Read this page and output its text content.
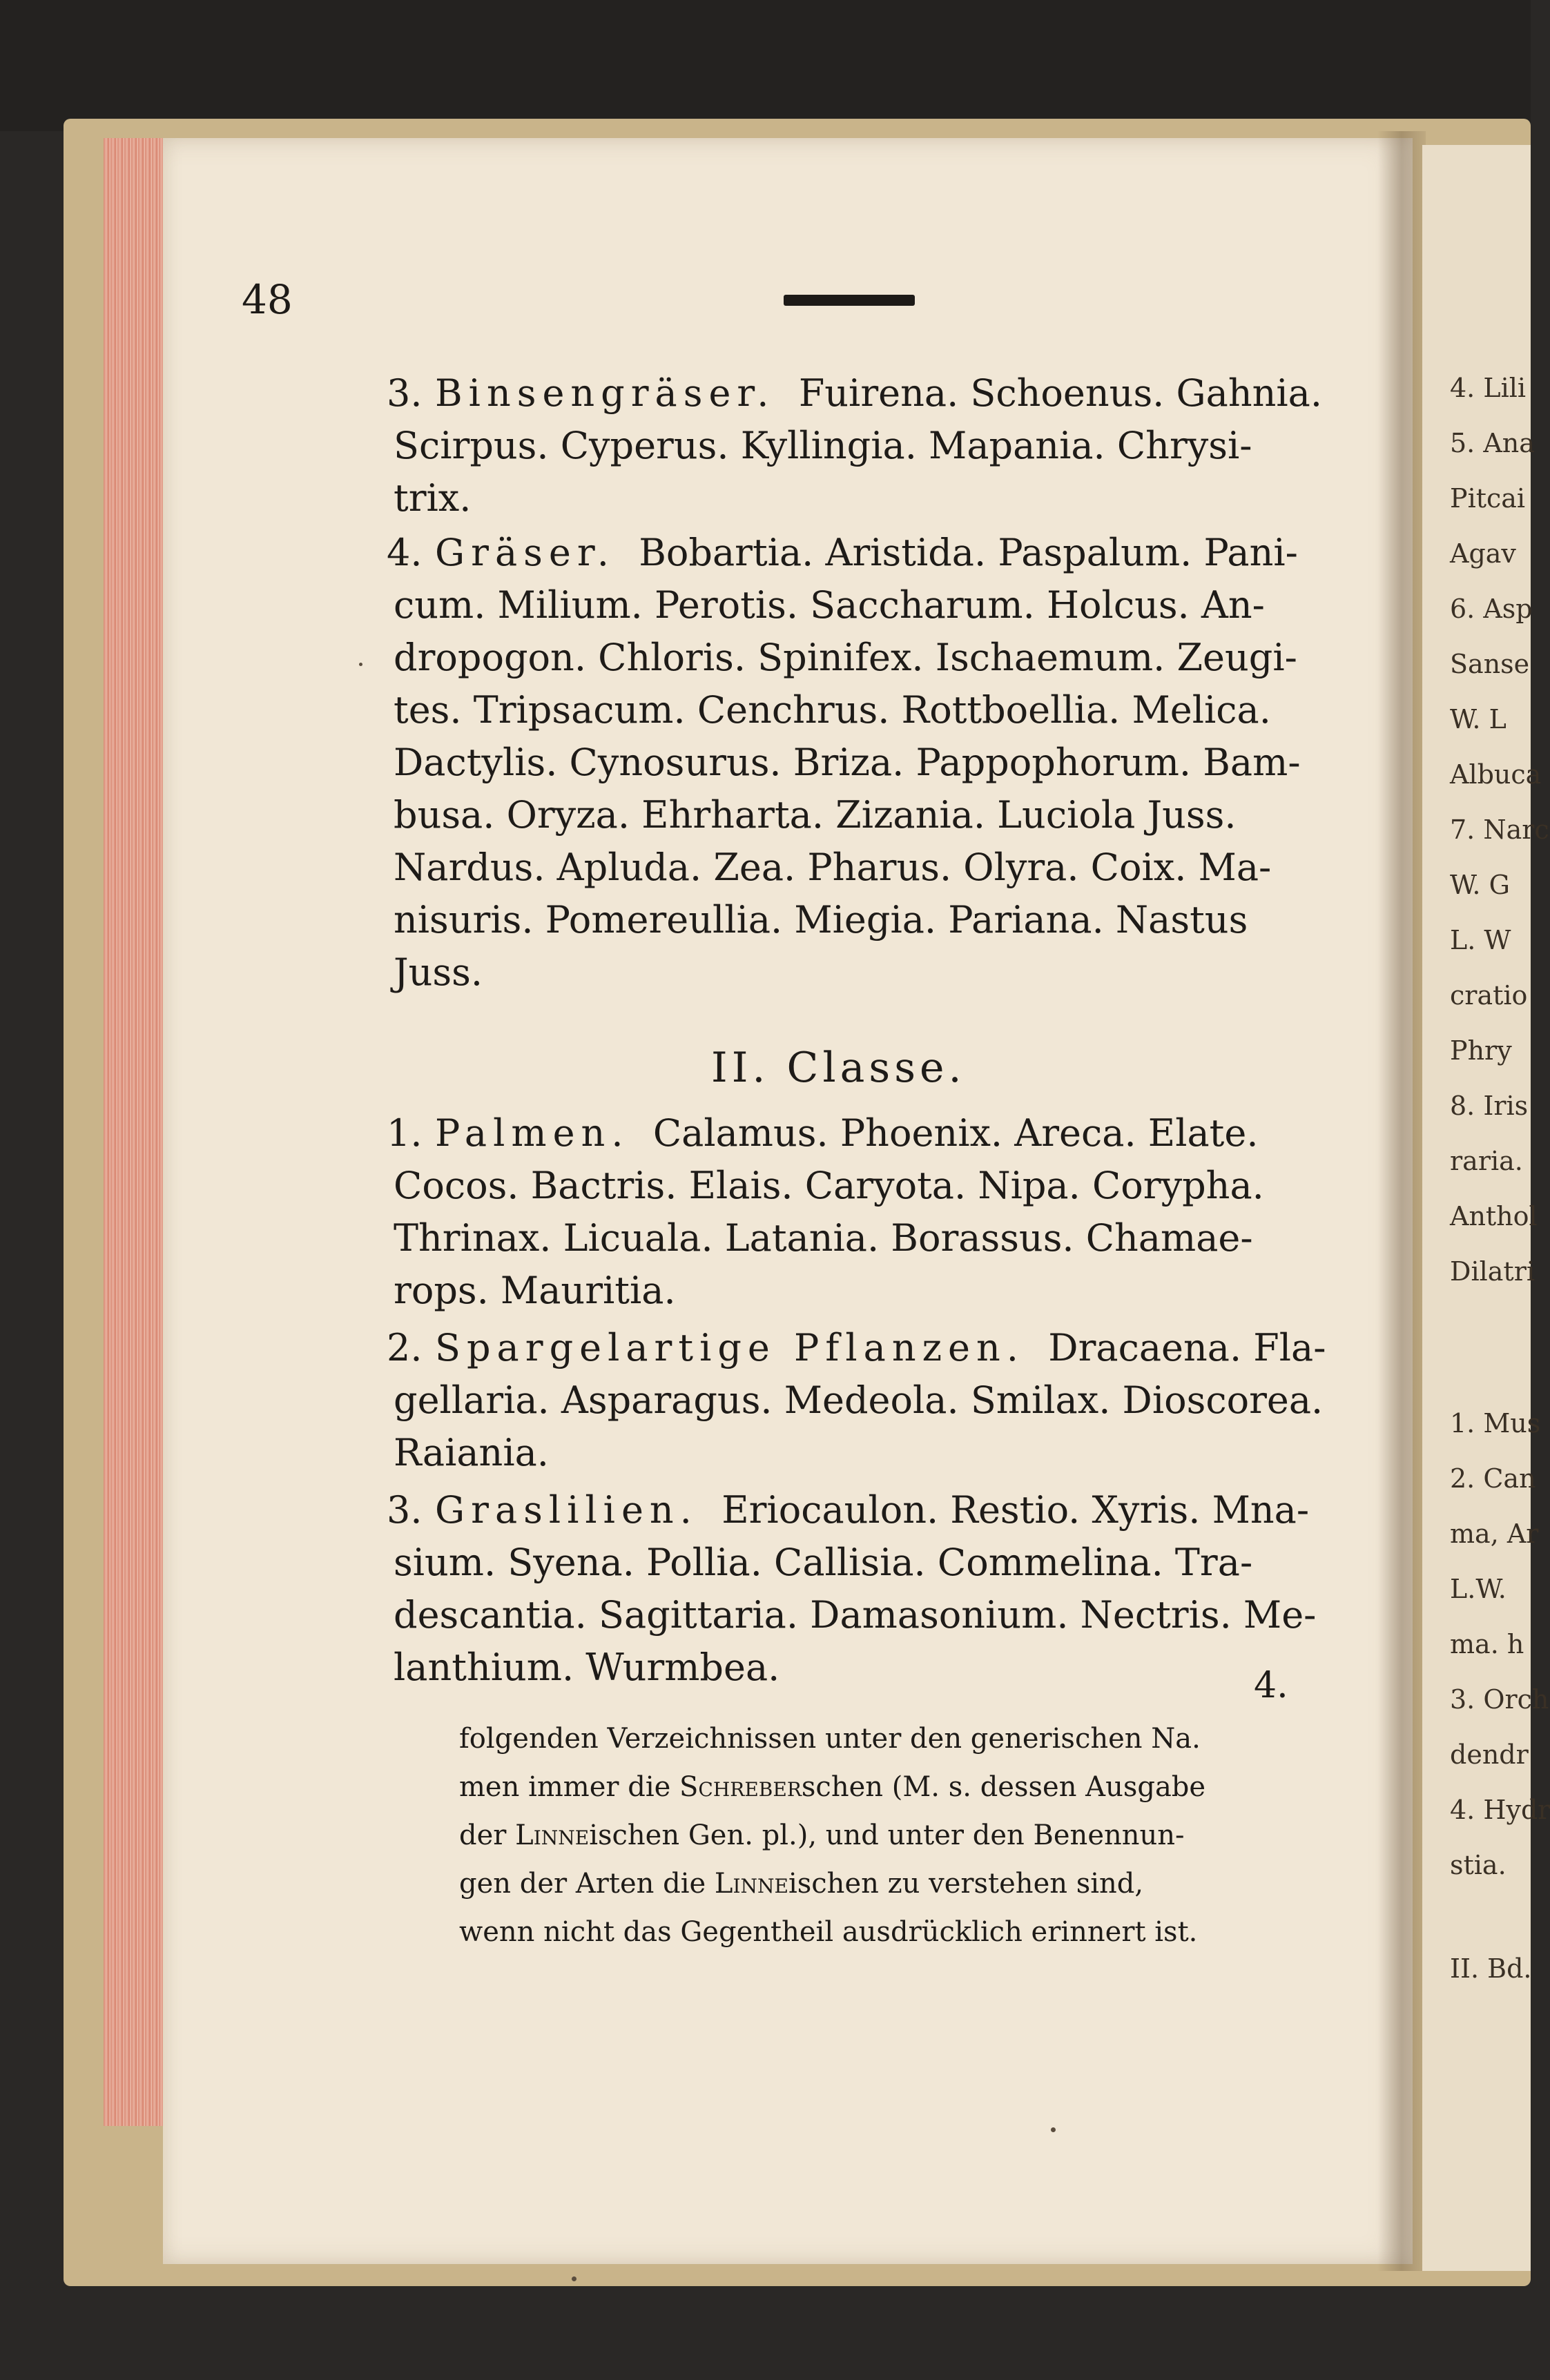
4. Lili
5. Ana
Pitcai
Agav
6. Asp
Sanse
W. L
Albuca
7. Narc
W. G
L. W
cratio
Phry
8. Iris
raria.
Anthol
Dilatri
1. Mus
2. Can
ma, Ar
L.W.
ma. h
3. Orch
dendr
4. Hydr
stia.
II. Bd.
48
3. Binsengräser. Fuirena. Schoenus. Gahnia.
Scirpus. Cyperus. Kyllingia. Mapania. Chrysi-
trix.
4. Gräser. Bobartia. Aristida. Paspalum. Pani-
cum. Milium. Perotis. Saccharum. Holcus. An-
dropogon. Chloris. Spinifex. Ischaemum. Zeugi-
tes. Tripsacum. Cenchrus. Rottboellia. Melica.
Dactylis. Cynosurus. Briza. Pappophorum. Bam-
busa. Oryza. Ehrharta. Zizania. Luciola Juss.
Nardus. Apluda. Zea. Pharus. Olyra. Coix. Ma-
nisuris. Pomereullia. Miegia. Pariana. Nastus
Juss.
II. Classe.
1. Palmen. Calamus. Phoenix. Areca. Elate.
Cocos. Bactris. Elais. Caryota. Nipa. Corypha.
Thrinax. Licuala. Latania. Borassus. Chamae-
rops. Mauritia.
2. Spargelartige Pflanzen. Dracaena. Fla-
gellaria. Asparagus. Medeola. Smilax. Dioscorea.
Raiania.
3. Graslilien. Eriocaulon. Restio. Xyris. Mna-
sium. Syena. Pollia. Callisia. Commelina. Tra-
descantia. Sagittaria. Damasonium. Nectris. Me-
lanthium. Wurmbea.	4.
folgenden Verzeichnissen unter den generischen Na.
men immer die Schreberschen (M. s. dessen Ausgabe
der Linneischen Gen. pl.), und unter den Benennun-
gen der Arten die Linneischen zu verstehen sind,
wenn nicht das Gegentheil ausdrücklich erinnert ist.
